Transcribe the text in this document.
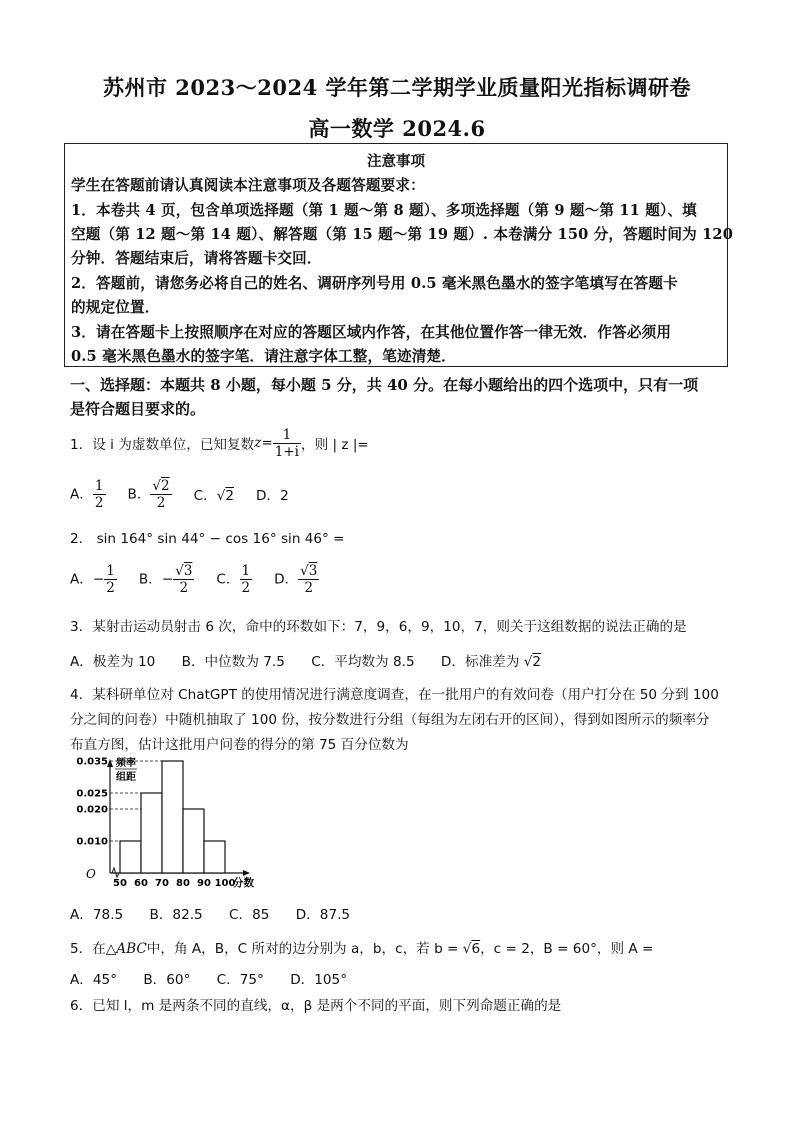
苏州市 2023～2024 学年第二学期学业质量阳光指标调研卷
高一数学 2024.6
注意事项
学生在答题前请认真阅读本注意事项及各题答题要求：
1．本卷共 4 页，包含单项选择题（第 1 题～第 8 题）、多项选择题（第 9 题～第 11 题）、填
空题（第 12 题～第 14 题）、解答题（第 15 题～第 19 题）. 本卷满分 150 分，答题时间为 120
分钟．答题结束后，请将答题卡交回．
2．答题前，请您务必将自己的姓名、调研序列号用 0.5 毫米黑色墨水的签字笔填写在答题卡
的规定位置．
3．请在答题卡上按照顺序在对应的答题区域内作答，在其他位置作答一律无效．作答必须用
0.5 毫米黑色墨水的签字笔．请注意字体工整，笔迹清楚．
一、选择题：本题共 8 小题，每小题 5 分，共 40 分。在每小题给出的四个选项中，只有一项
是符合题目要求的。
1．设 i 为虚数单位，已知复数 $z = \frac{1}{1+i}$ ，则 | z |=
A． $\frac{1}{2}$ B． $\frac{√2}{2}$ C．√2 D．2
2． sin 164° sin 44° − cos 16° sin 46° =
A．− $\frac{1}{2}$ B．− $\frac{√3}{2}$ C． $\frac{1}{2}$ D． $\frac{√3}{2}$
3．某射击运动员射击 6 次，命中的环数如下：7，9，6，9，10，7，则关于这组数据的说法正确的是
A．极差为 10 B．中位数为 7.5 C．平均数为 8.5 D．标准差为 √2
4．某科研单位对 ChatGPT 的使用情况进行满意度调查，在一批用户的有效问卷（用户打分在 50 分到 100
分之间的问卷）中随机抽取了 100 份，按分数进行分组（每组为左闭右开的区间），得到如图所示的频率分
布直方图，估计这批用户问卷的得分的第 75 百分位数为
O
频率
组距
分数
0.035
0.025
0.020
0.010
50 60 70 80 90 100
A．78.5 B．82.5 C．85 D．87.5
5．在△ABC中，角 A，B，C 所对的边分别为 a，b，c，若 b = √6，c = 2，B = 60°，则 A =
A．45° B．60° C．75° D．105°
6．已知 l，m 是两条不同的直线，α，β 是两个不同的平面，则下列命题正确的是
